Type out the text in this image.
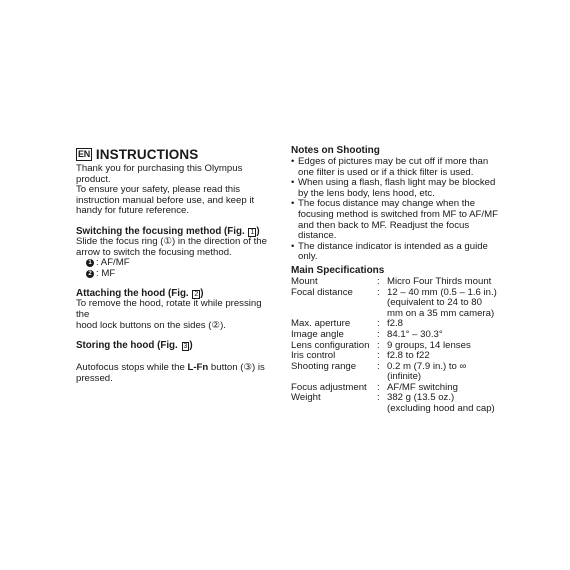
EN INSTRUCTIONS

Thank you for purchasing this Olympus product.

To ensure your safety, please read this

instruction manual before use, and keep it

handy for future reference.

Switching the focusing method (Fig. 1 )

Slide the focus ring (①) in the direction of the

arrow to switch the focusing method.

1 : AF/MF
2 : MF

Attaching the hood (Fig. 2 )

To remove the hood, rotate it while pressing the

hood lock buttons on the sides (②).

Storing the hood (Fig. 3 )

Autofocus stops while the L-Fn button (③) is

pressed.

Notes on Shooting
• Edges of pictures may be cut off if more than
one filter is used or if a thick filter is used.
• When using a flash, flash light may be blocked
by the lens body, lens hood, etc.
• The focus distance may change when the
focusing method is switched from MF to AF/MF
and then back to MF. Readjust the focus
distance.
• The distance indicator is intended as a guide only.
Main Specifications
Mount	: Micro Four Thirds mount
Focal distance	: 12 – 40 mm (0.5 – 1.6 in.)
(equivalent to 24 to 80
mm on a 35 mm camera)
Max. aperture	: f2.8
Image angle	: 84.1° – 30.3°
Lens configuration : 9 groups, 14 lenses
Iris control	: f2.8 to f22
Shooting range	: 0.2 m (7.9 in.) to ∞
(infinite)
Focus adjustment	: AF/MF switching
Weight	: 382 g (13.5 oz.)
(excluding hood and cap)
